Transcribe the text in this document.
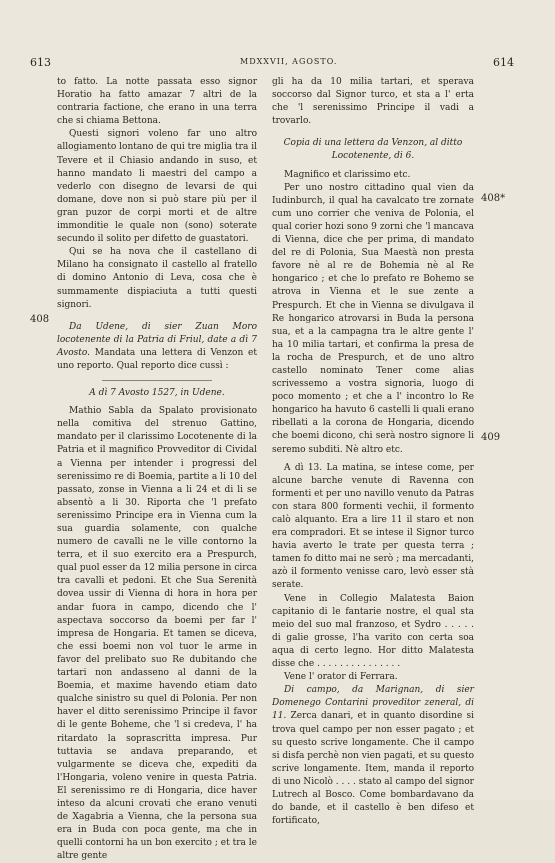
613	MDXXVII, AGOSTO.	614
408
408*
409

to fatto. La notte passata esso signor Horatio ha fatto amazar 7 altri de la contraria factione, che erano in una terra che si chiama Bettona.

Questi signori voleno far uno altro allogiamento lontano de qui tre miglia tra il Tevere et il Chiasio andando in suso, et hanno mandato li maestri del campo a vederlo con disegno de levarsi de qui domane, dove non si può stare più per il gran puzor de corpi morti et de altre immonditie le quale non (sono) soterate secundo il solito per difetto de guastatori.

Qui se ha nova che il castellano di Milano ha consignato il castello al fratello di domino Antonio di Leva, cosa che è summamente dispiaciuta a tutti questi signori.

Da Udene, di sier Zuan Moro locotenente di la Patria di Friul, date a dì 7 Avosto. Mandata una lettera di Venzon et uno reporto. Qual reporto dice cussì :

A dì 7 Avosto 1527, in Udene.

Mathio Sabla da Spalato provisionato nella comitiva del strenuo Gattino, mandato per il clarissimo Locotenente di la Patria et il magnifico Provveditor di Cividal a Vienna per intender i progressi del serenissimo re di Boemia, partite a li 10 del passato, zonse in Vienna a li 24 et di li se absentò a li 30. Riporta che 'l prefato serenissimo Principe era in Vienna cum la sua guardia solamente, con qualche numero de cavalli ne le ville contorno la terra, et il suo exercito era a Prespurch, qual puol esser da 12 milia persone in circa tra cavalli et pedoni. Et che Sua Serenità dovea ussir di Vienna di hora in hora per andar fuora in campo, dicendo che l' aspectava soccorso da boemi per far l' impresa de Hongaria. Et tamen se diceva, che essi boemi non vol tuor le arme in favor del prelibato suo Re dubitando che tartari non andasseno al danni de la Boemia, et maxime havendo etiam dato qualche sinistro su quel di Polonia. Per non haver el ditto serenissimo Principe il favor di le gente Boheme, che 'l si credeva, l' ha ritardato la soprascritta impresa. Pur tuttavia se andava preparando, et vulgarmente se diceva che, expediti da l'Hongaria, voleno venire in questa Patria. El serenissimo re di Hongaria, dice haver inteso da alcuni crovati che erano venuti de Xagabria a Vienna, che la persona sua era in Buda con poca gente, ma che in quelli contorni ha un bon exercito ; et tra le altre gente

gli ha da 10 milia tartari, et sperava soccorso dal Signor turco, et sta a l' erta che 'l serenissimo Principe il vadi a trovarlo.

Copia di una lettera da Venzon, al ditto Locotenente, di 6.

Magnifico et clarissimo etc.

Per uno nostro cittadino qual vien da Iudinburch, il qual ha cavalcato tre zornate cum uno corrier che veniva de Polonia, el qual corier hozi sono 9 zorni che 'l mancava di Vienna, dice che per prima, di mandato del re di Polonia, Sua Maestà non presta favore nè al re de Bohemia nè al Re hongarico ; et che lo prefato re Bohemo se atrova in Vienna et le sue zente a Prespurch. Et che in Vienna se divulgava il Re hongarico atrovarsi in Buda la persona sua, et a la campagna tra le altre gente l' ha 10 milia tartari, et confirma la presa de la rocha de Prespurch, et de uno altro castello nominato Tener come alias scrivessemo a vostra signoria, luogo di poco momento ; et che a l' incontro lo Re hongarico ha havuto 6 castelli li quali erano ribellati a la corona de Hongaria, dicendo che boemi dicono, chi serà nostro signore li seremo subditi. Nè altro etc.

A dì 13. La matina, se intese come, per alcune barche venute di Ravenna con formenti et per uno navillo venuto da Patras con stara 800 formenti vechii, il formento calò alquanto. Era a lire 11 il staro et non era compradori. Et se intese il Signor turco havia averto le trate per questa terra ; tamen fo ditto mai ne serò ; ma mercadanti, azò il formento venisse caro, levò esser stà serate.

Vene in Collegio Malatesta Baion capitanio di le fantarie nostre, el qual sta meio del suo mal franzoso, et Sydro . . . . . di galie grosse, l'ha varito con certa soa aqua di certo legno. Hor ditto Malatesta disse che . . . . . . . . . . . . . . .

Vene l' orator di Ferrara.

Di campo, da Marignan, di sier Domenego Contarini proveditor zeneral, di 11. Zerca danari, et in quanto disordine si trova quel campo per non esser pagato ; et su questo scrive longamente. Che il campo si disfa perchè non vien pagati, et su questo scrive longamente. Item, manda il reporto di uno Nicolò . . . . stato al campo del signor Lutrech al Bosco. Come bombardavano da do bande, et il castello è ben difeso et fortificato,
